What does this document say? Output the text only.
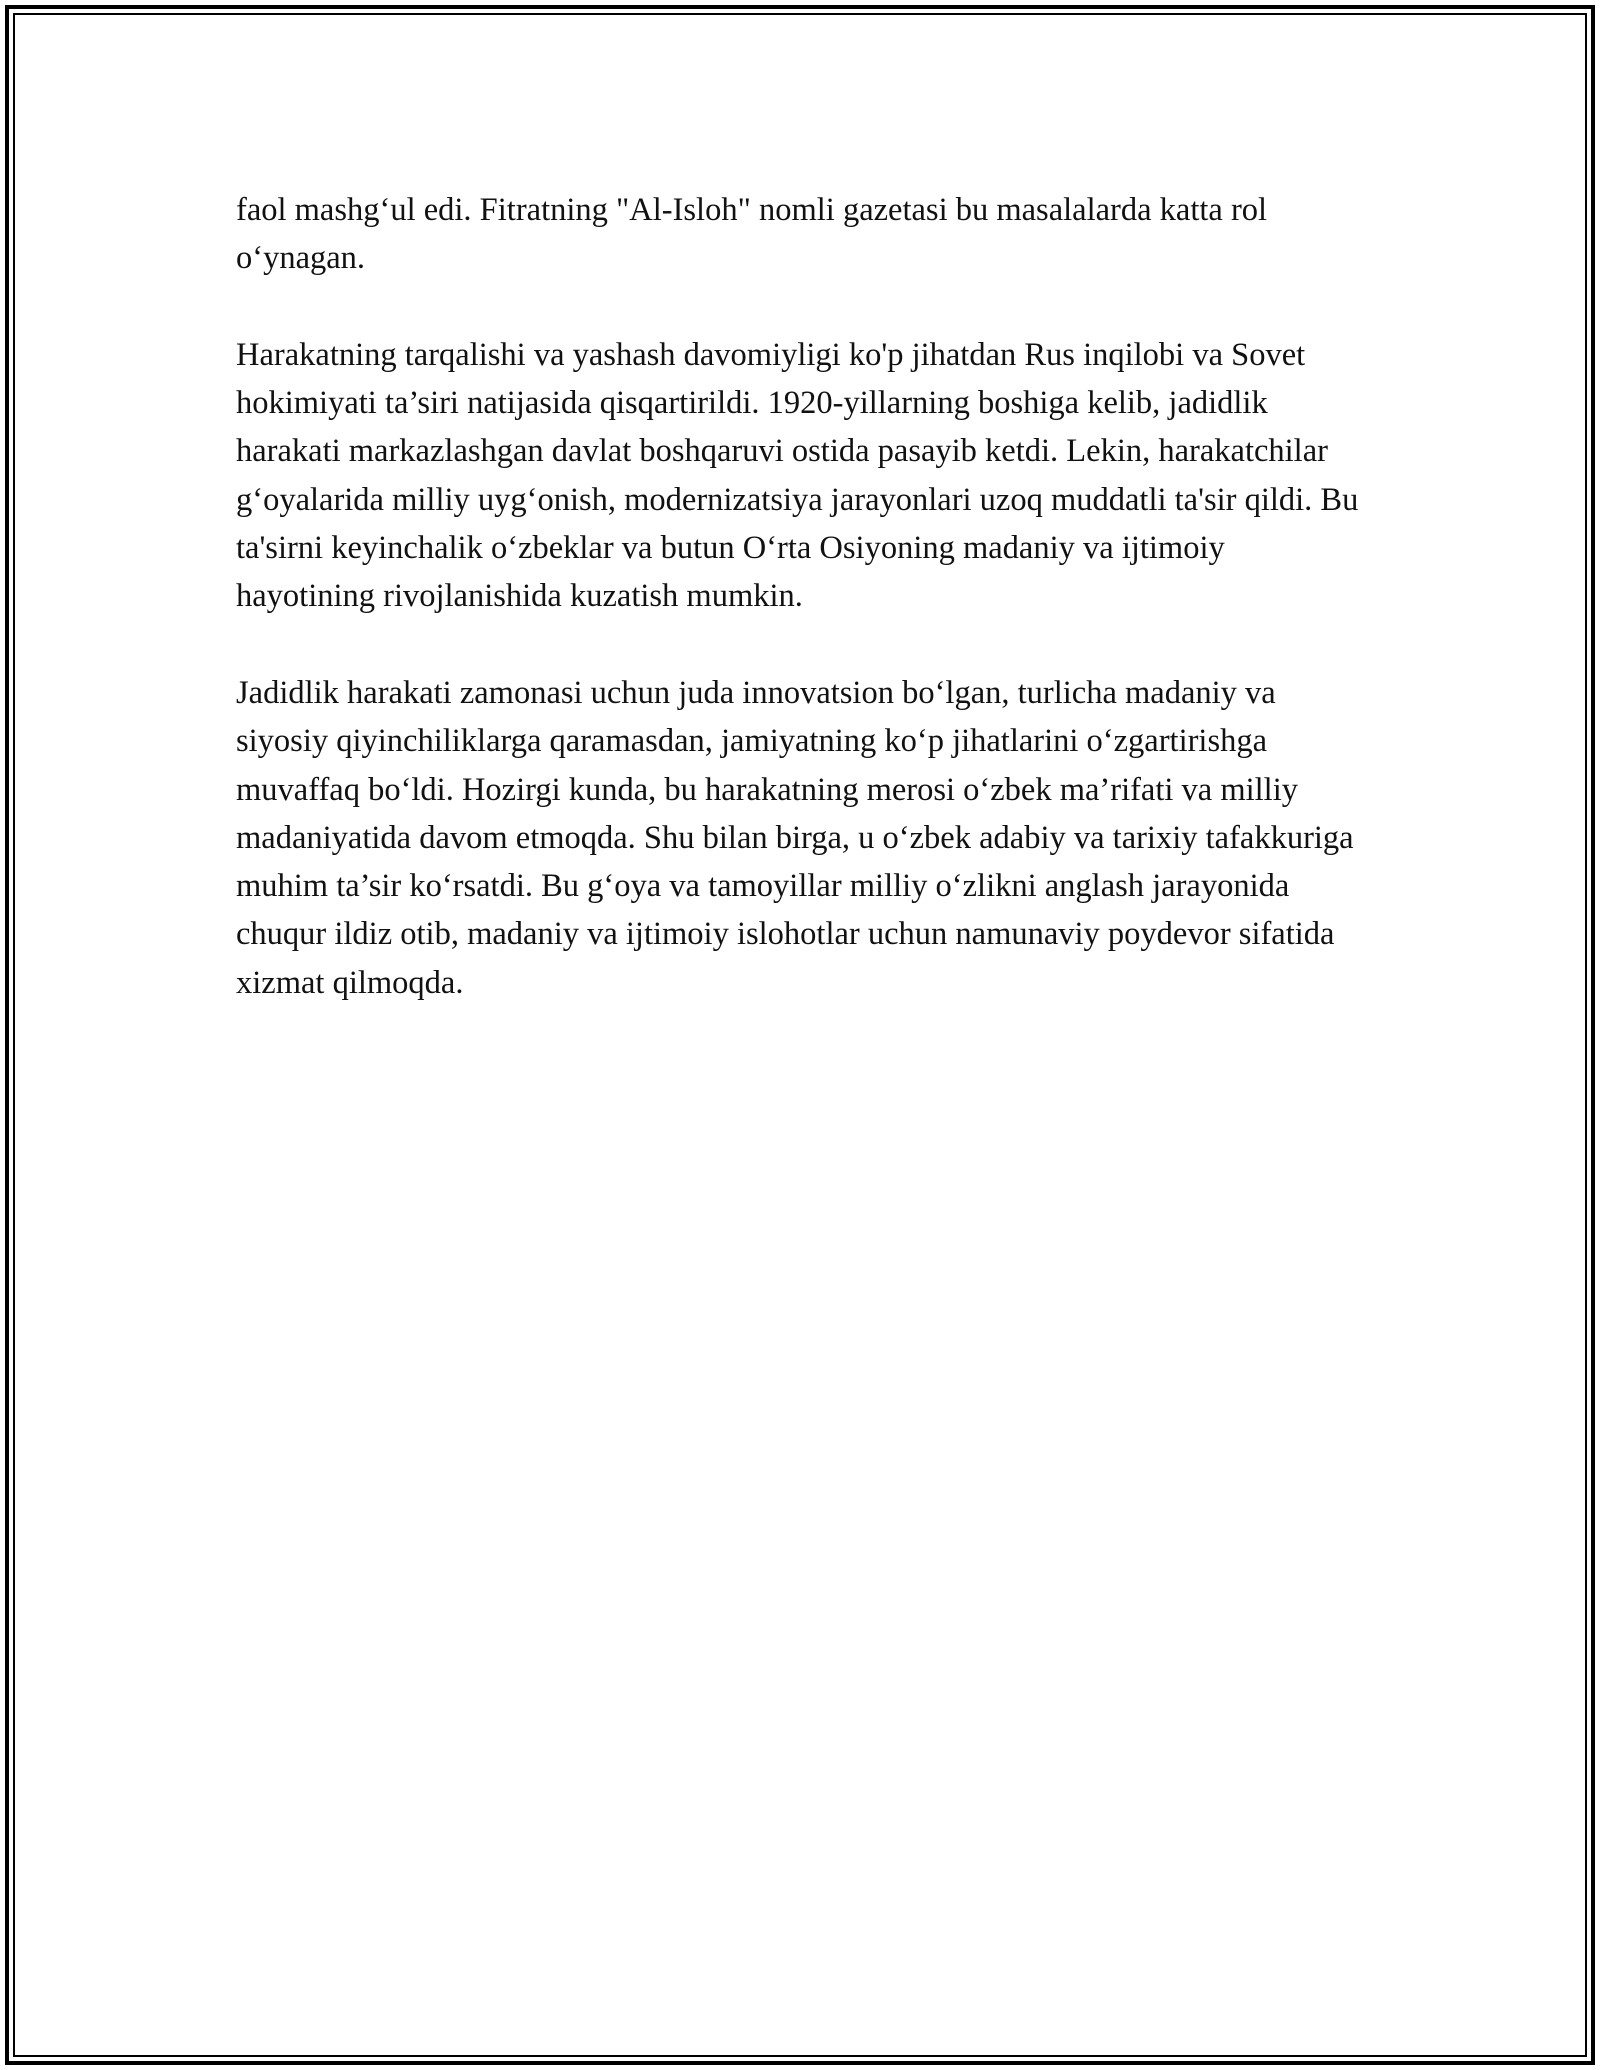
faol mashg‘ul edi. Fitratning "Al-Isloh" nomli gazetasi bu masalalarda katta rol o‘ynagan.

Harakatning tarqalishi va yashash davomiyligi ko'p jihatdan Rus inqilobi va Sovet hokimiyati ta’siri natijasida qisqartirildi. 1920-yillarning boshiga kelib, jadidlik harakati markazlashgan davlat boshqaruvi ostida pasayib ketdi. Lekin, harakatchilar g‘oyalarida milliy uyg‘onish, modernizatsiya jarayonlari uzoq muddatli ta'sir qildi. Bu ta'sirni keyinchalik o‘zbeklar va butun O‘rta Osiyoning madaniy va ijtimoiy hayotining rivojlanishida kuzatish mumkin.

Jadidlik harakati zamonasi uchun juda innovatsion bo‘lgan, turlicha madaniy va siyosiy qiyinchiliklarga qaramasdan, jamiyatning ko‘p jihatlarini o‘zgartirishga muvaffaq bo‘ldi. Hozirgi kunda, bu harakatning merosi o‘zbek ma’rifati va milliy madaniyatida davom etmoqda. Shu bilan birga, u o‘zbek adabiy va tarixiy tafakkuriga muhim ta’sir ko‘rsatdi. Bu g‘oya va tamoyillar milliy o‘zlikni anglash jarayonida chuqur ildiz otib, madaniy va ijtimoiy islohotlar uchun namunaviy poydevor sifatida xizmat qilmoqda.
